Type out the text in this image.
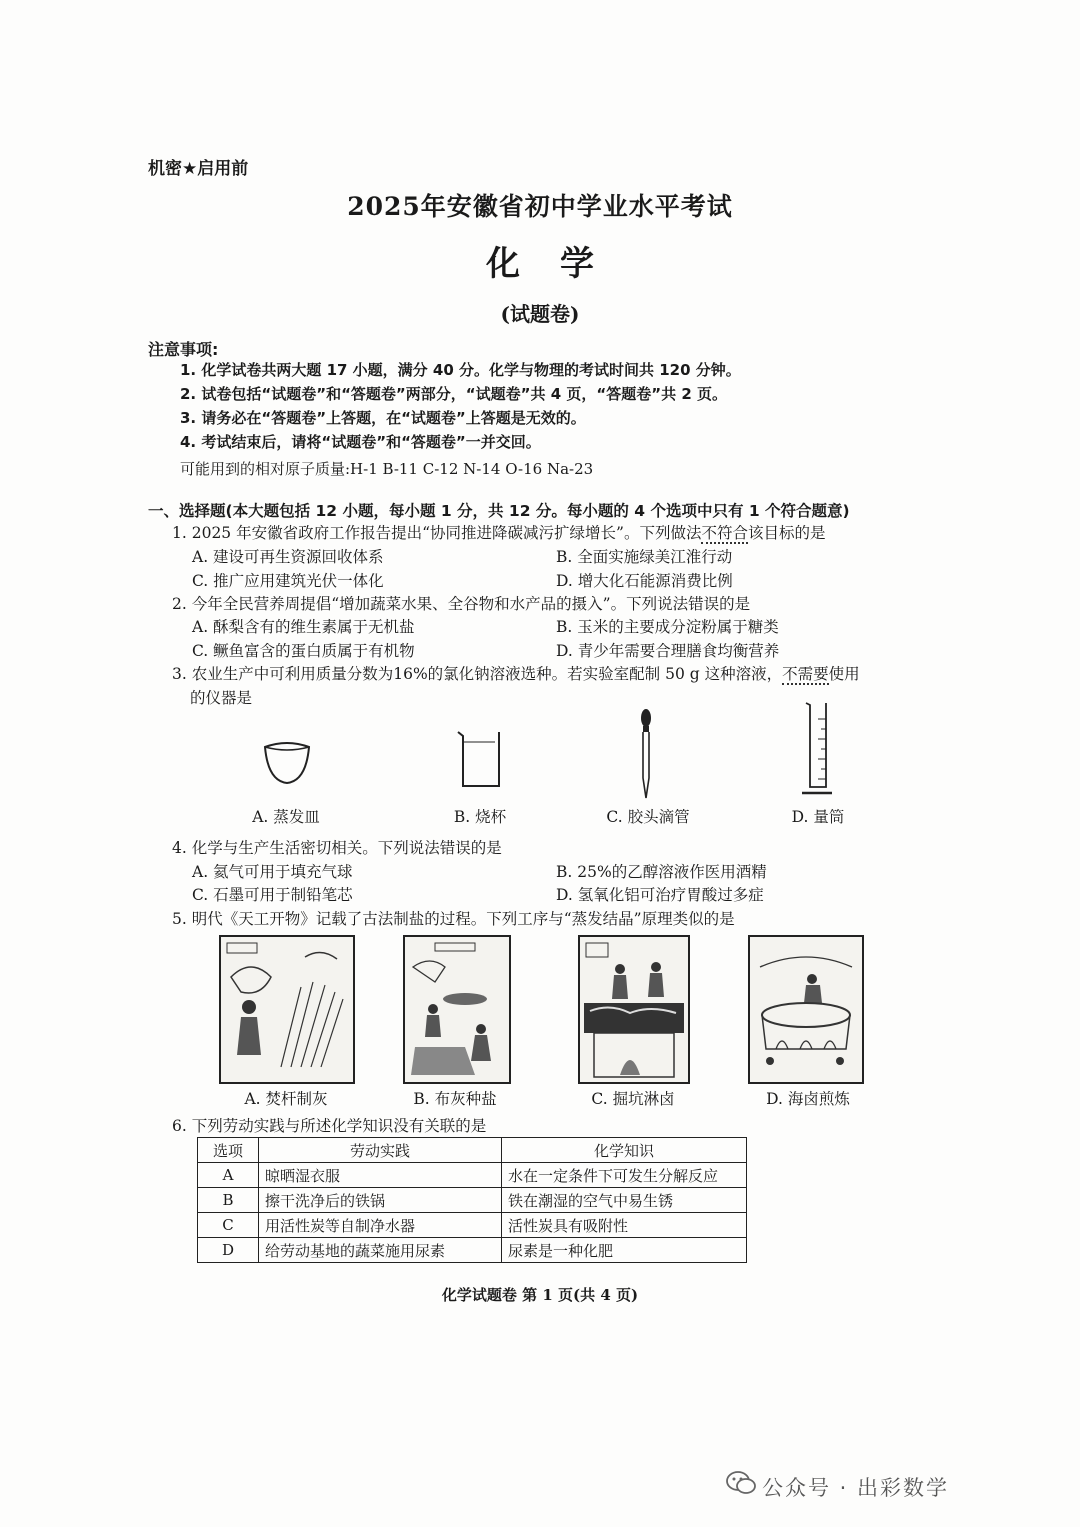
机密★启用前
2025年安徽省初中学业水平考试
化学
(试题卷)
注意事项:
1. 化学试卷共两大题 17 小题，满分 40 分。化学与物理的考试时间共 120 分钟。
2. 试卷包括“试题卷”和“答题卷”两部分，“试题卷”共 4 页，“答题卷”共 2 页。
3. 请务必在“答题卷”上答题，在“试题卷”上答题是无效的。
4. 考试结束后，请将“试题卷”和“答题卷”一并交回。
可能用到的相对原子质量:H-1 B-11 C-12 N-14 O-16 Na-23
一、选择题(本大题包括 12 小题，每小题 1 分，共 12 分。每小题的 4 个选项中只有 1 个符合题意)
1. 2025 年安徽省政府工作报告提出“协同推进降碳减污扩绿增长”。下列做法不符合该目标的是
A. 建设可再生资源回收体系	B. 全面实施绿美江淮行动
C. 推广应用建筑光伏一体化	D. 增大化石能源消费比例
2. 今年全民营养周提倡“增加蔬菜水果、全谷物和水产品的摄入”。下列说法错误的是
A. 酥梨含有的维生素属于无机盐	B. 玉米的主要成分淀粉属于糖类
C. 鳜鱼富含的蛋白质属于有机物	D. 青少年需要合理膳食均衡营养
3. 农业生产中可利用质量分数为16%的氯化钠溶液选种。若实验室配制 50 g 这种溶液，不需要使用
的仪器是
A. 蒸发皿	B. 烧杯	C. 胶头滴管	D. 量筒
4. 化学与生产生活密切相关。下列说法错误的是
A. 氦气可用于填充气球	B. 25%的乙醇溶液作医用酒精
C. 石墨可用于制铅笔芯	D. 氢氧化铝可治疗胃酸过多症
5. 明代《天工开物》记载了古法制盐的过程。下列工序与“蒸发结晶”原理类似的是
A. 焚杆制灰	B. 布灰种盐	C. 掘坑淋卤	D. 海卤煎炼
6. 下列劳动实践与所述化学知识没有关联的是
选项	劳动实践	化学知识
A	晾晒湿衣服	水在一定条件下可发生分解反应
B	擦干洗净后的铁锅	铁在潮湿的空气中易生锈
C	用活性炭等自制净水器	活性炭具有吸附性
D	给劳动基地的蔬菜施用尿素	尿素是一种化肥
化学试题卷 第 1 页(共 4 页)
公众号 · 出彩数学
